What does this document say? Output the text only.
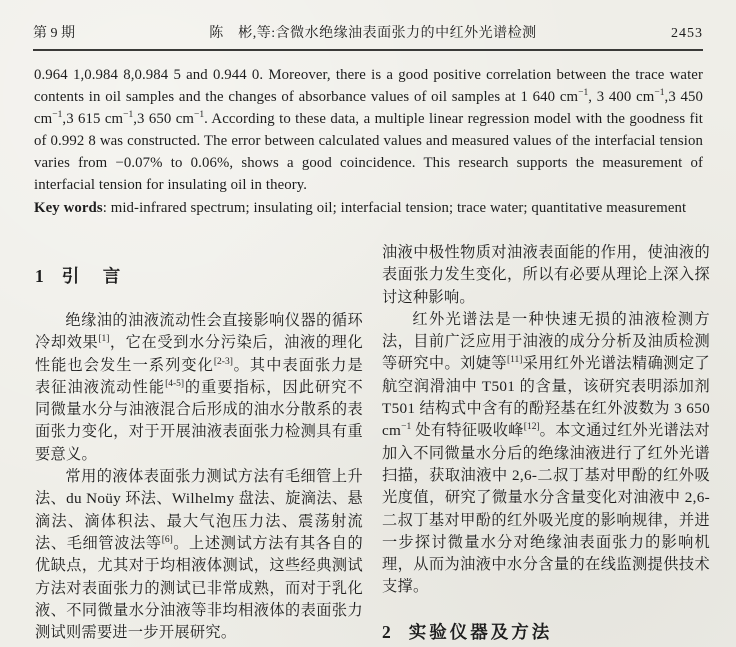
第 9 期	陈　彬,等:含微水绝缘油表面张力的中红外光谱检测	2453

0.964 1,0.984 8,0.984 5 and 0.944 0. Moreover, there is a good positive correlation between the trace water contents in oil samples and the changes of absorbance values of oil samples at 1 640 $cm^{-1}$, 3 400 $cm^{-1},3$ 450 $cm^{-1},3$ 615 $cm^{-1},3$ 650 $cm^{-1}$. According to these data, a multiple linear regression model with the goodness fit of 0.992 8 was constructed. The error between calculated values and measured values of the interfacial tension varies from −0.07% to 0.06%, shows a good coincidence. This research supports the measurement of interfacial tension for insulating oil in theory.

Key words: mid-infrared spectrum; insulating oil; interfacial tension; trace water; quantitative measurement

1 引　言

绝缘油的油液流动性会直接影响仪器的循环冷却效果[1]，它在受到水分污染后，油液的理化性能也会发生一系列变化[2-3]。其中表面张力是表征油液流动性能[4-5]的重要指标，因此研究不同微量水分与油液混合后形成的油水分散系的表面张力变化，对于开展油液表面张力检测具有重要意义。

常用的液体表面张力测试方法有毛细管上升法、du Noüy 环法、Wilhelmy 盘法、旋滴法、悬滴法、滴体积法、最大气泡压力法、震荡射流法、毛细管波法等[6]。上述测试方法有其各自的优缺点，尤其对于均相液体测试，这些经典测试方法对表面张力的测试已非常成熟，而对于乳化液、不同微量水分油液等非均相液体的表面张力测试则需要进一步开展研究。

油液中极性物质对油液表面能的作用，使油液的表面张力发生变化，所以有必要从理论上深入探讨这种影响。

红外光谱法是一种快速无损的油液检测方法，目前广泛应用于油液的成分分析及油质检测等研究中。刘婕等[11]采用红外光谱法精确测定了航空润滑油中 T501 的含量，该研究表明添加剂 T501 结构式中含有的酚羟基在红外波数为 3 650 $cm^{-1}$ 处有特征吸收峰[12]。本文通过红外光谱法对加入不同微量水分后的绝缘油液进行了红外光谱扫描，获取油液中 2,6-二叔丁基对甲酚的红外吸光度值，研究了微量水分含量变化对油液中 2,6-二叔丁基对甲酚的红外吸光度的影响规律，并进一步探讨微量水分对绝缘油表面张力的影响机理，从而为油液中水分含量的在线监测提供技术支撑。

2 实验仪器及方法
